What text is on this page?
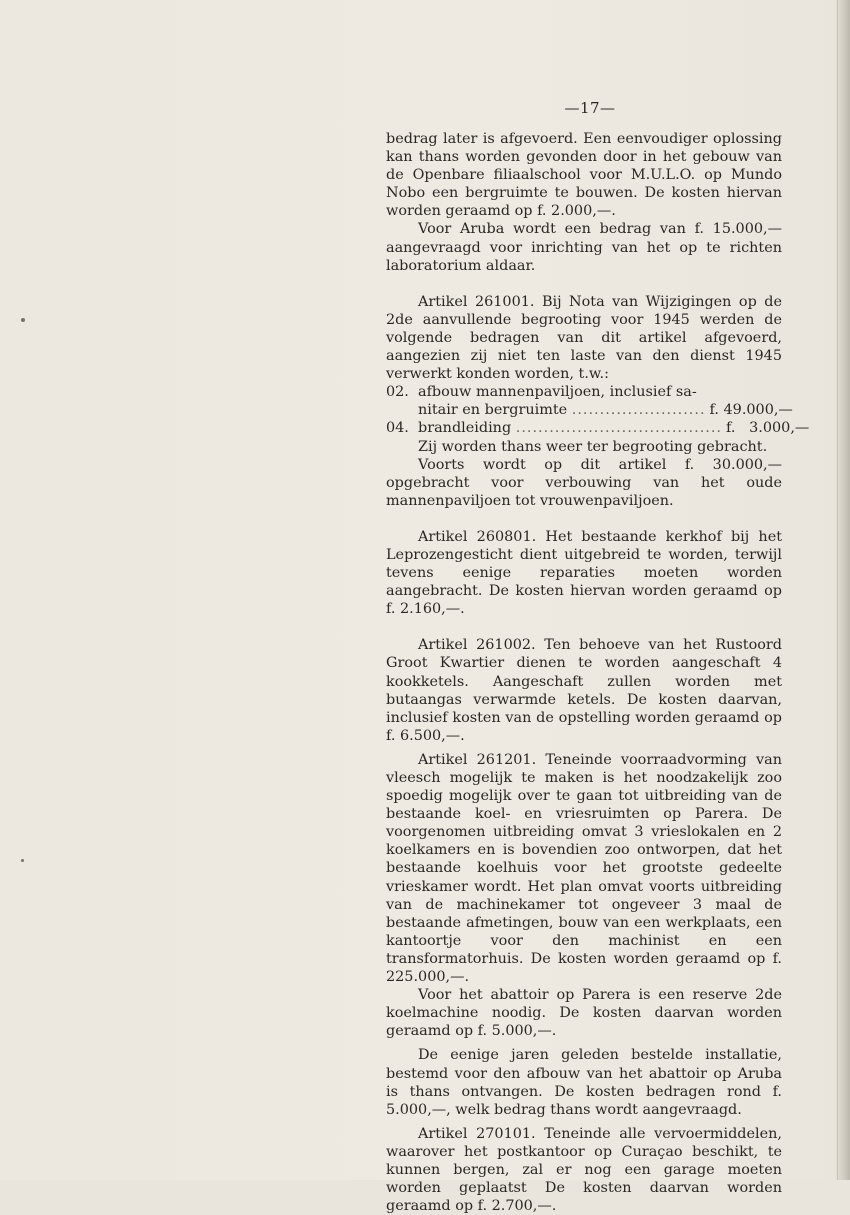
—17—

bedrag later is afgevoerd. Een eenvoudiger oplossing kan thans worden gevonden door in het gebouw van de Openbare filiaalschool voor M.U.L.O. op Mundo Nobo een bergruimte te bouwen. De kosten hiervan worden geraamd op f. 2.000,—.

Voor Aruba wordt een bedrag van f. 15.000,— aangevraagd voor inrichting van het op te richten laboratorium aldaar.

Artikel 261001. Bij Nota van Wijzigingen op de 2de aanvullende begrooting voor 1945 werden de volgende bedragen van dit artikel afgevoerd, aangezien zij niet ten laste van den dienst 1945 verwerkt konden worden, t.w.:

02. afbouw mannenpaviljoen, inclusief sa-
nitair en bergruimte ........................ f. 49.000,—
04. brandleiding ..................................... f.   3.000,—

Zij worden thans weer ter begrooting gebracht.

Voorts wordt op dit artikel f. 30.000,— opgebracht voor verbouwing van het oude mannenpaviljoen tot vrouwenpaviljoen.

Artikel 260801. Het bestaande kerkhof bij het Leprozengesticht dient uitgebreid te worden, terwijl tevens eenige reparaties moeten worden aangebracht. De kosten hiervan worden geraamd op f. 2.160,—.

Artikel 261002. Ten behoeve van het Rustoord Groot Kwartier dienen te worden aangeschaft 4 kookketels. Aangeschaft zullen worden met butaangas verwarmde ketels. De kosten daarvan, inclusief kosten van de opstelling worden geraamd op f. 6.500,—.

Artikel 261201. Teneinde voorraadvorming van vleesch mogelijk te maken is het noodzakelijk zoo spoedig mogelijk over te gaan tot uitbreiding van de bestaande koel- en vriesruimten op Parera. De voorgenomen uitbreiding omvat 3 vrieslokalen en 2 koelkamers en is bovendien zoo ontworpen, dat het bestaande koelhuis voor het grootste gedeelte vrieskamer wordt. Het plan omvat voorts uitbreiding van de machinekamer tot ongeveer 3 maal de bestaande afmetingen, bouw van een werkplaats, een kantoortje voor den machinist en een transformatorhuis. De kosten worden geraamd op f. 225.000,—.

Voor het abattoir op Parera is een reserve 2de koelmachine noodig. De kosten daarvan worden geraamd op f. 5.000,—.

De eenige jaren geleden bestelde installatie, bestemd voor den afbouw van het abattoir op Aruba is thans ontvangen. De kosten bedragen rond f. 5.000,—, welk bedrag thans wordt aangevraagd.

Artikel 270101. Teneinde alle vervoermiddelen, waarover het postkantoor op Curaçao beschikt, te kunnen bergen, zal er nog een garage moeten worden geplaatst De kosten daarvan worden geraamd op f. 2.700,—.
